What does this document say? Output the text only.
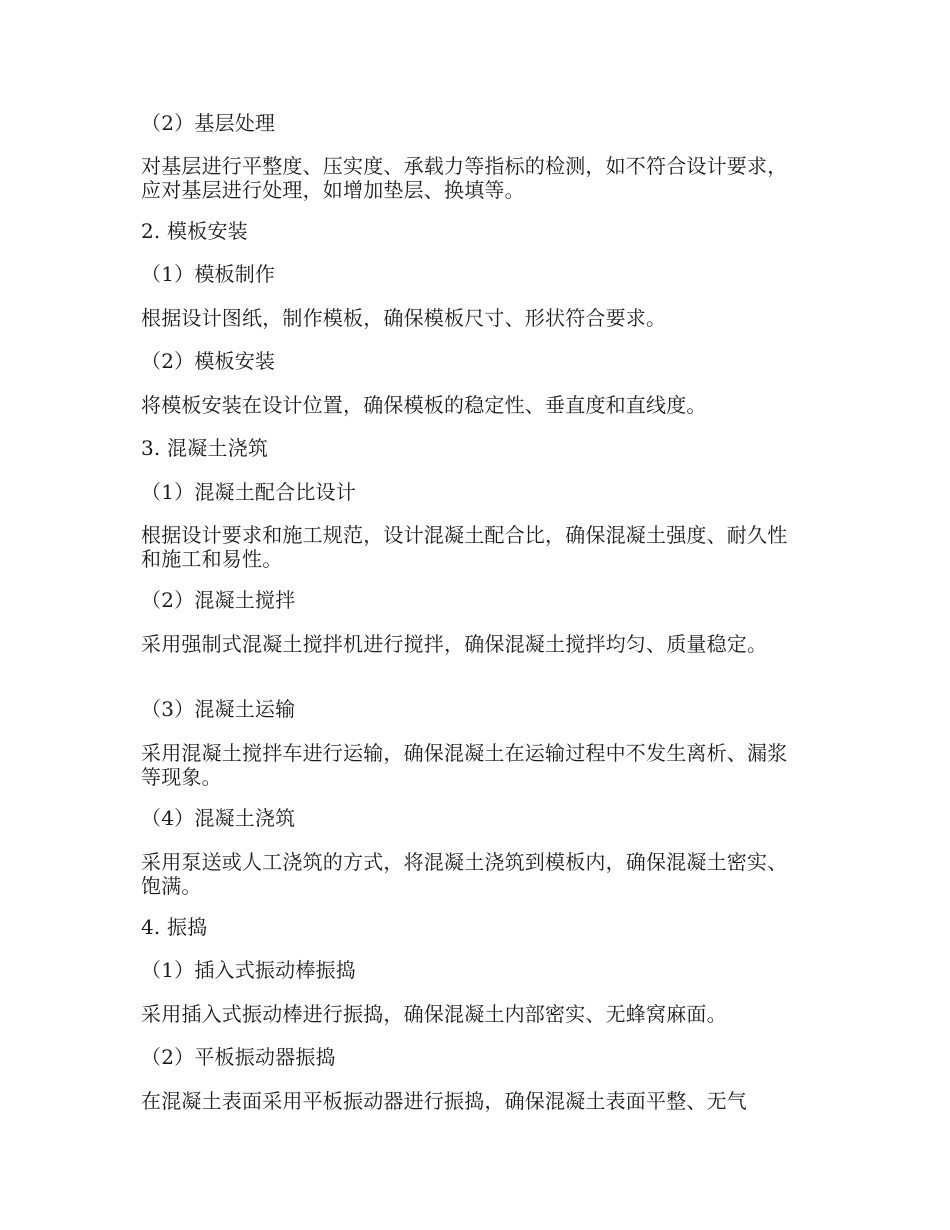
（2）基层处理

对基层进行平整度、压实度、承载力等指标的检测，如不符合设计要求，应对基层进行处理，如增加垫层、换填等。

2. 模板安装

（1）模板制作

根据设计图纸，制作模板，确保模板尺寸、形状符合要求。

（2）模板安装

将模板安装在设计位置，确保模板的稳定性、垂直度和直线度。

3. 混凝土浇筑

（1）混凝土配合比设计

根据设计要求和施工规范，设计混凝土配合比，确保混凝土强度、耐久性和施工和易性。

（2）混凝土搅拌

采用强制式混凝土搅拌机进行搅拌，确保混凝土搅拌均匀、质量稳定。

（3）混凝土运输

采用混凝土搅拌车进行运输，确保混凝土在运输过程中不发生离析、漏浆等现象。

（4）混凝土浇筑

采用泵送或人工浇筑的方式，将混凝土浇筑到模板内，确保混凝土密实、饱满。

4. 振捣

（1）插入式振动棒振捣

采用插入式振动棒进行振捣，确保混凝土内部密实、无蜂窝麻面。

（2）平板振动器振捣

在混凝土表面采用平板振动器进行振捣，确保混凝土表面平整、无气
